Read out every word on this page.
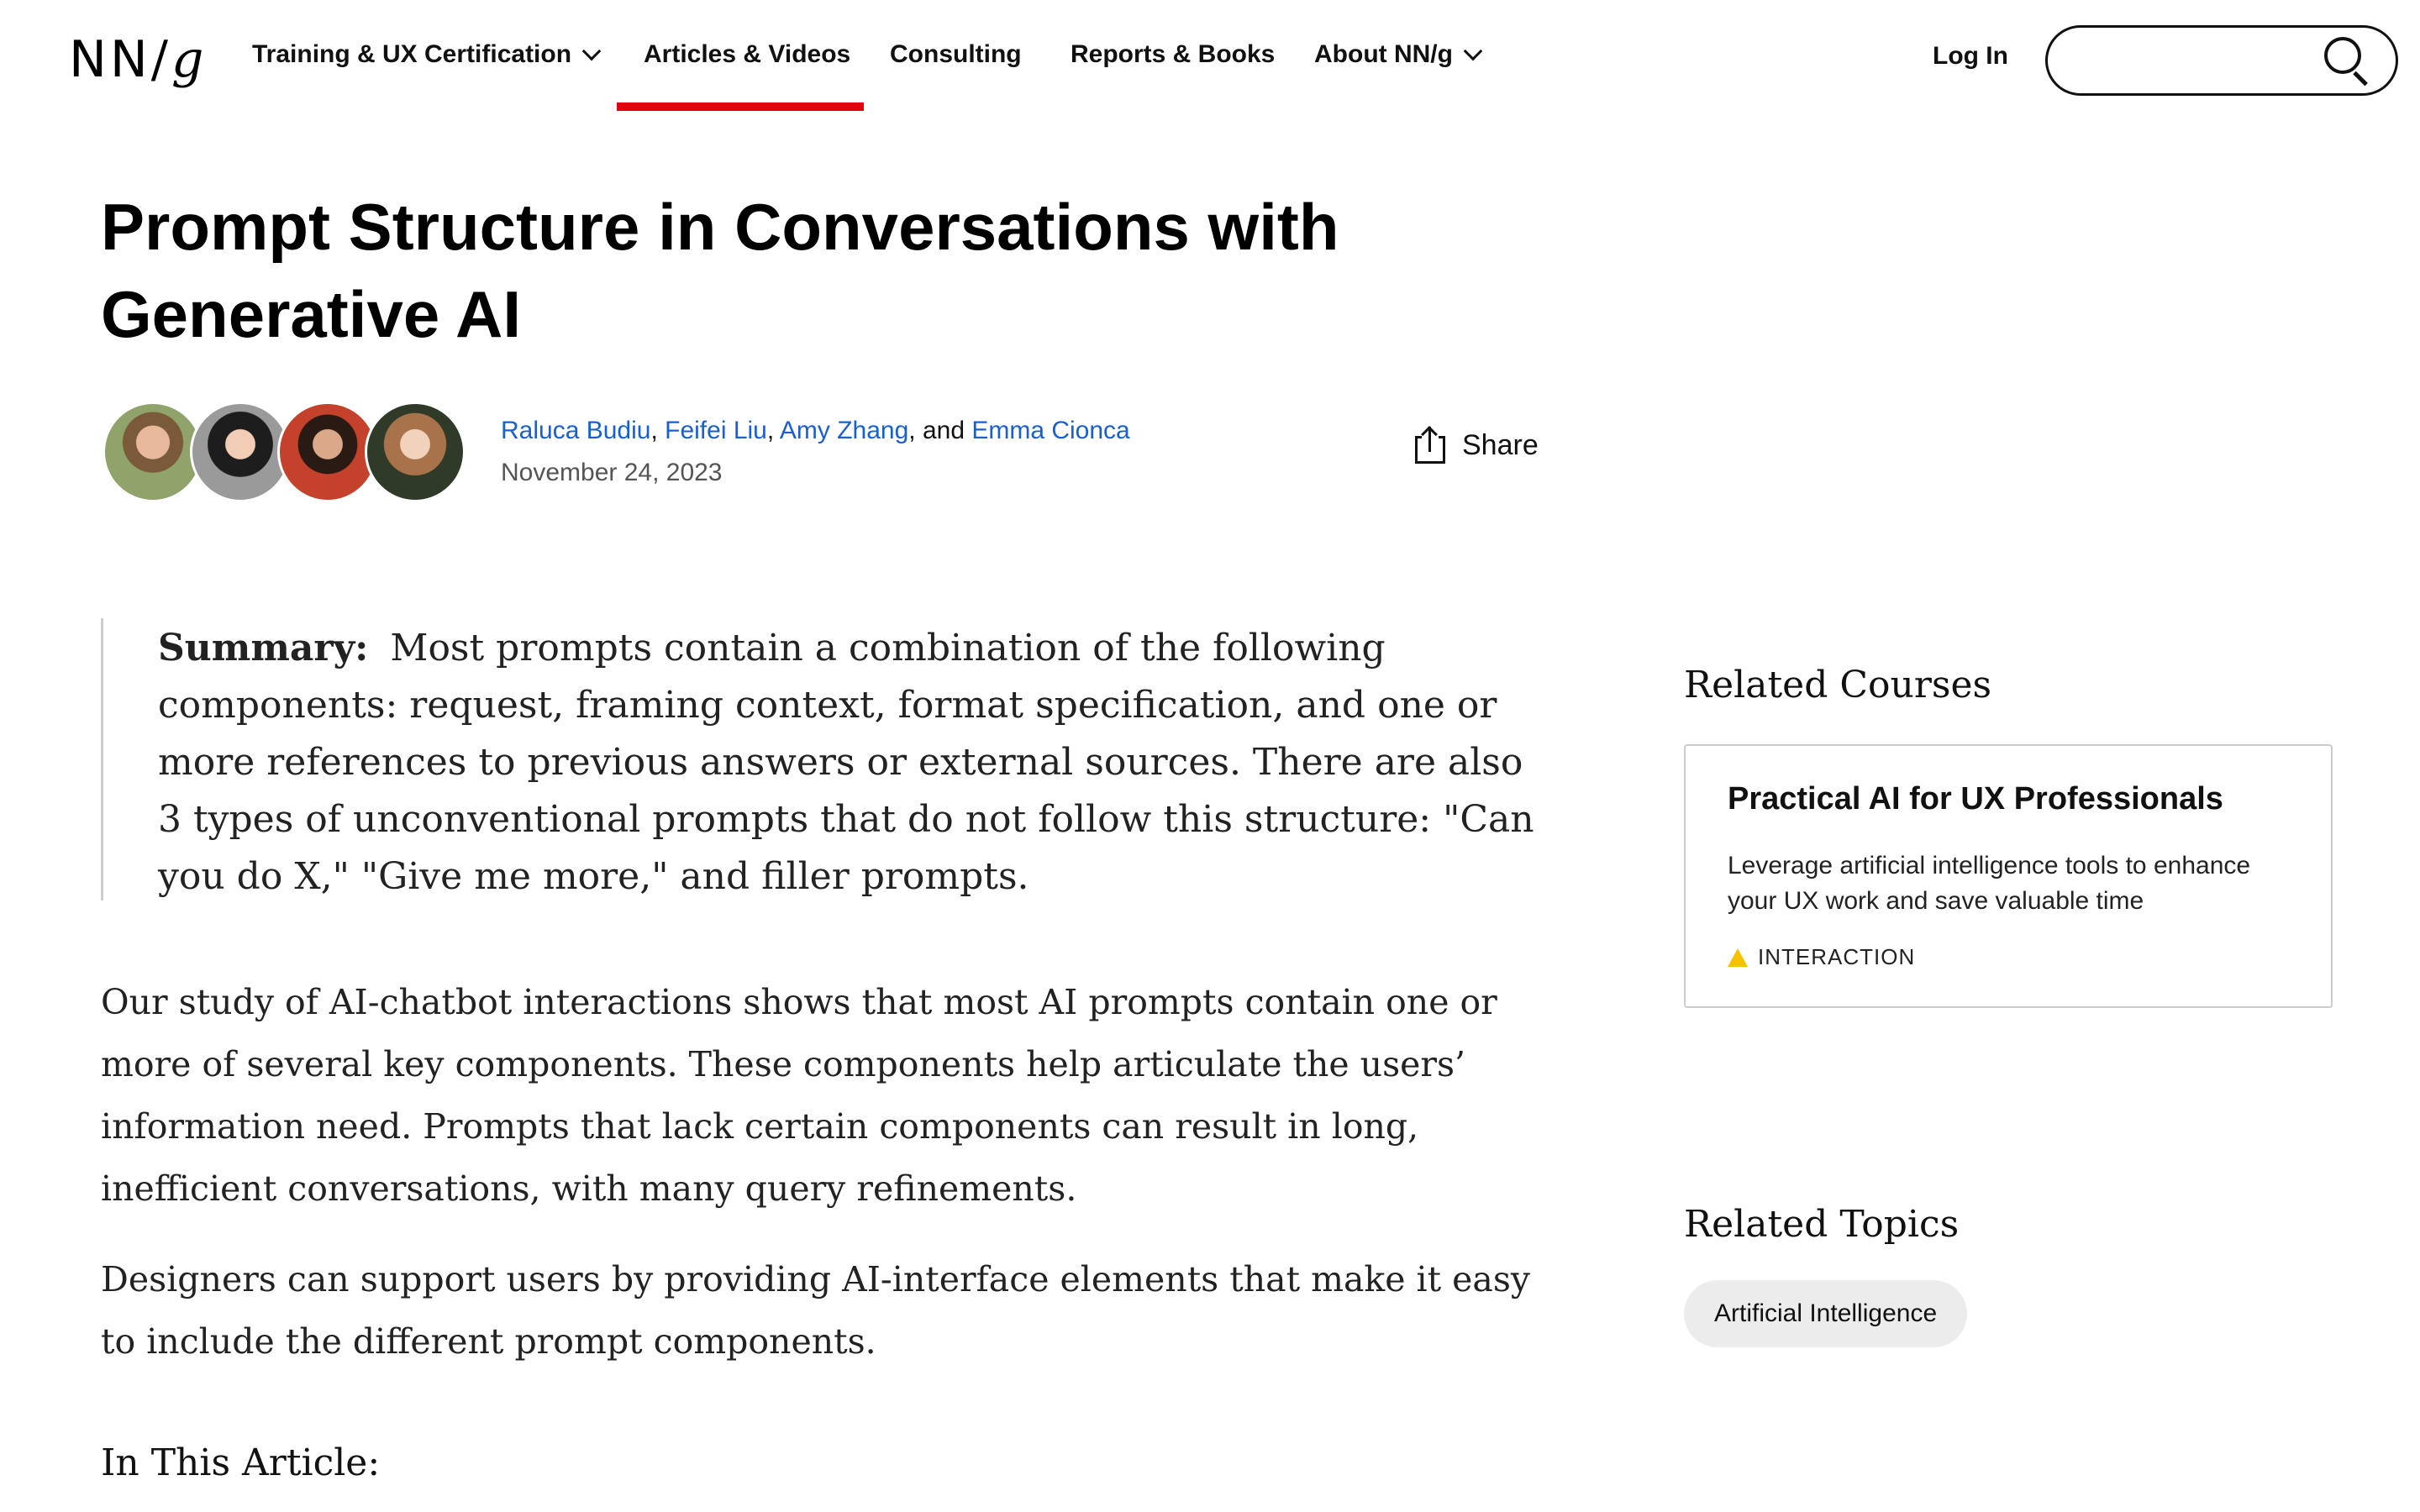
NN/g Training & UX Certification	Articles & Videos Consulting Reports & Books About NN/g	Log In
Prompt Structure in Conversations with Generative AI
Raluca Budiu, Feifei Liu, Amy Zhang, and Emma Cionca
November 24, 2023
Share

Summary: Most prompts contain a combination of the following components: request, framing context, format specification, and one or more references to previous answers or external sources. There are also 3 types of unconventional prompts that do not follow this structure: "Can you do X," "Give me more," and filler prompts.

Our study of AI-chatbot interactions shows that most AI prompts contain one or more of several key components. These components help articulate the users’ information need. Prompts that lack certain components can result in long, inefficient conversations, with many query refinements.

Designers can support users by providing AI-interface elements that make it easy to include the different prompt components.

In This Article:
Related Courses
Practical AI for UX Professionals
Leverage artificial intelligence tools to enhance your UX work and save valuable time
INTERACTION
Related Topics
Artificial Intelligence
